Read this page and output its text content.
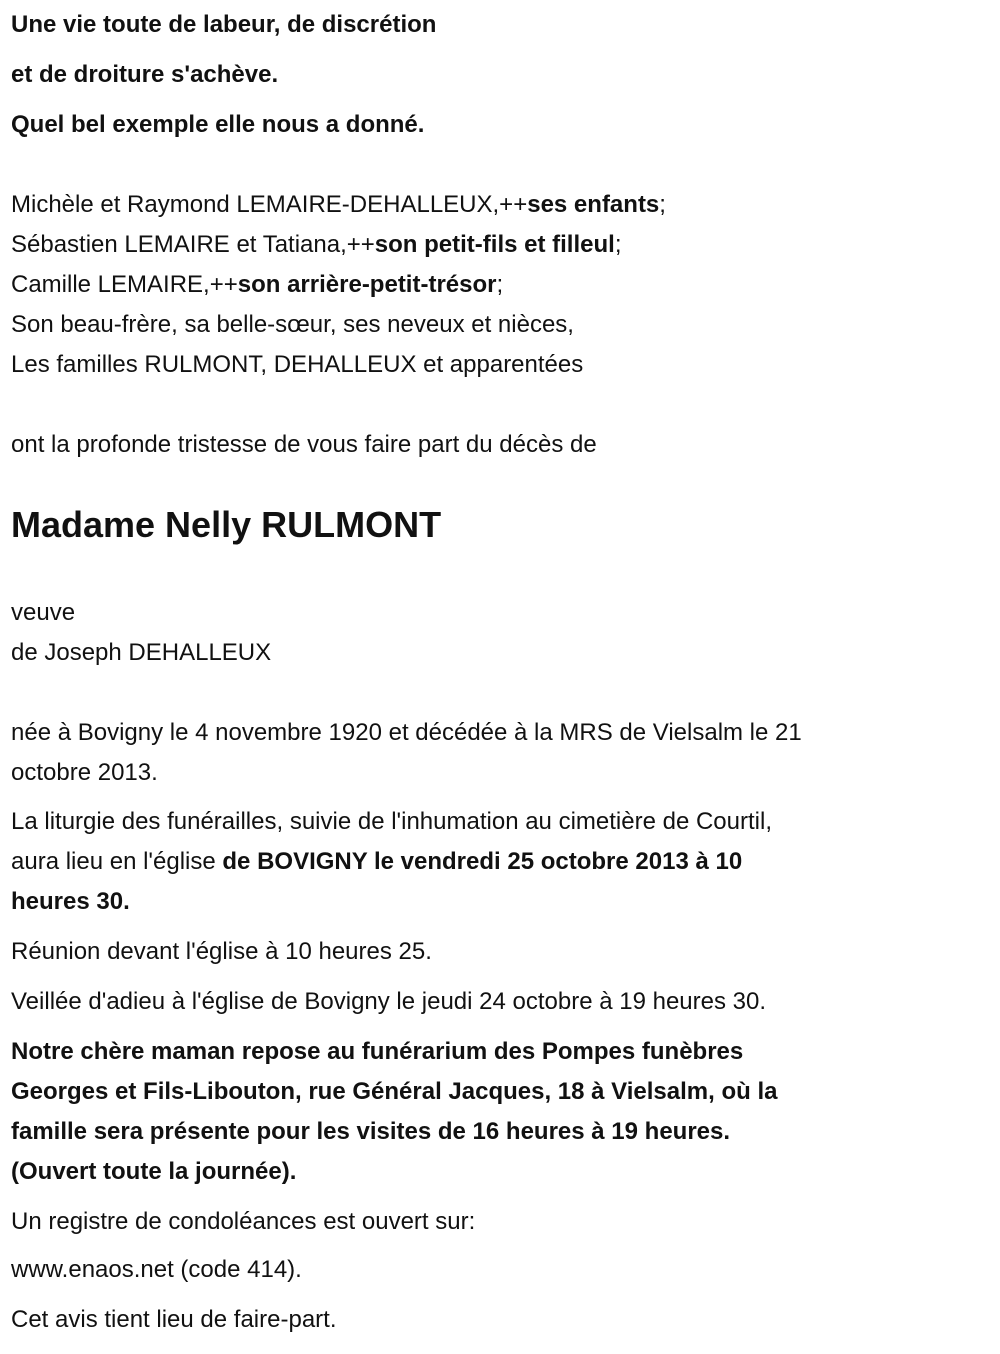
Une vie toute de labeur, de discrétion
et de droiture s'achève.
Quel bel exemple elle nous a donné.
Michèle et Raymond LEMAIRE-DEHALLEUX,++ses enfants;
Sébastien LEMAIRE et Tatiana,++son petit-fils et filleul;
Camille LEMAIRE,++son arrière-petit-trésor;
Son beau-frère, sa belle-sœur, ses neveux et nièces,
Les familles RULMONT, DEHALLEUX et apparentées
ont la profonde tristesse de vous faire part du décès de
Madame Nelly RULMONT
veuve
de Joseph DEHALLEUX
née à Bovigny le 4 novembre 1920 et décédée à la MRS de Vielsalm le 21
octobre 2013.
La liturgie des funérailles, suivie de l'inhumation au cimetière de Courtil,
aura lieu en l'église de BOVIGNY le vendredi 25 octobre 2013 à 10
heures 30.
Réunion devant l'église à 10 heures 25.
Veillée d'adieu à l'église de Bovigny le jeudi 24 octobre à 19 heures 30.
Notre chère maman repose au funérarium des Pompes funèbres
Georges et Fils-Libouton, rue Général Jacques, 18 à Vielsalm, où la
famille sera présente pour les visites de 16 heures à 19 heures.
(Ouvert toute la journée).
Un registre de condoléances est ouvert sur:
www.enaos.net (code 414).
Cet avis tient lieu de faire-part.
